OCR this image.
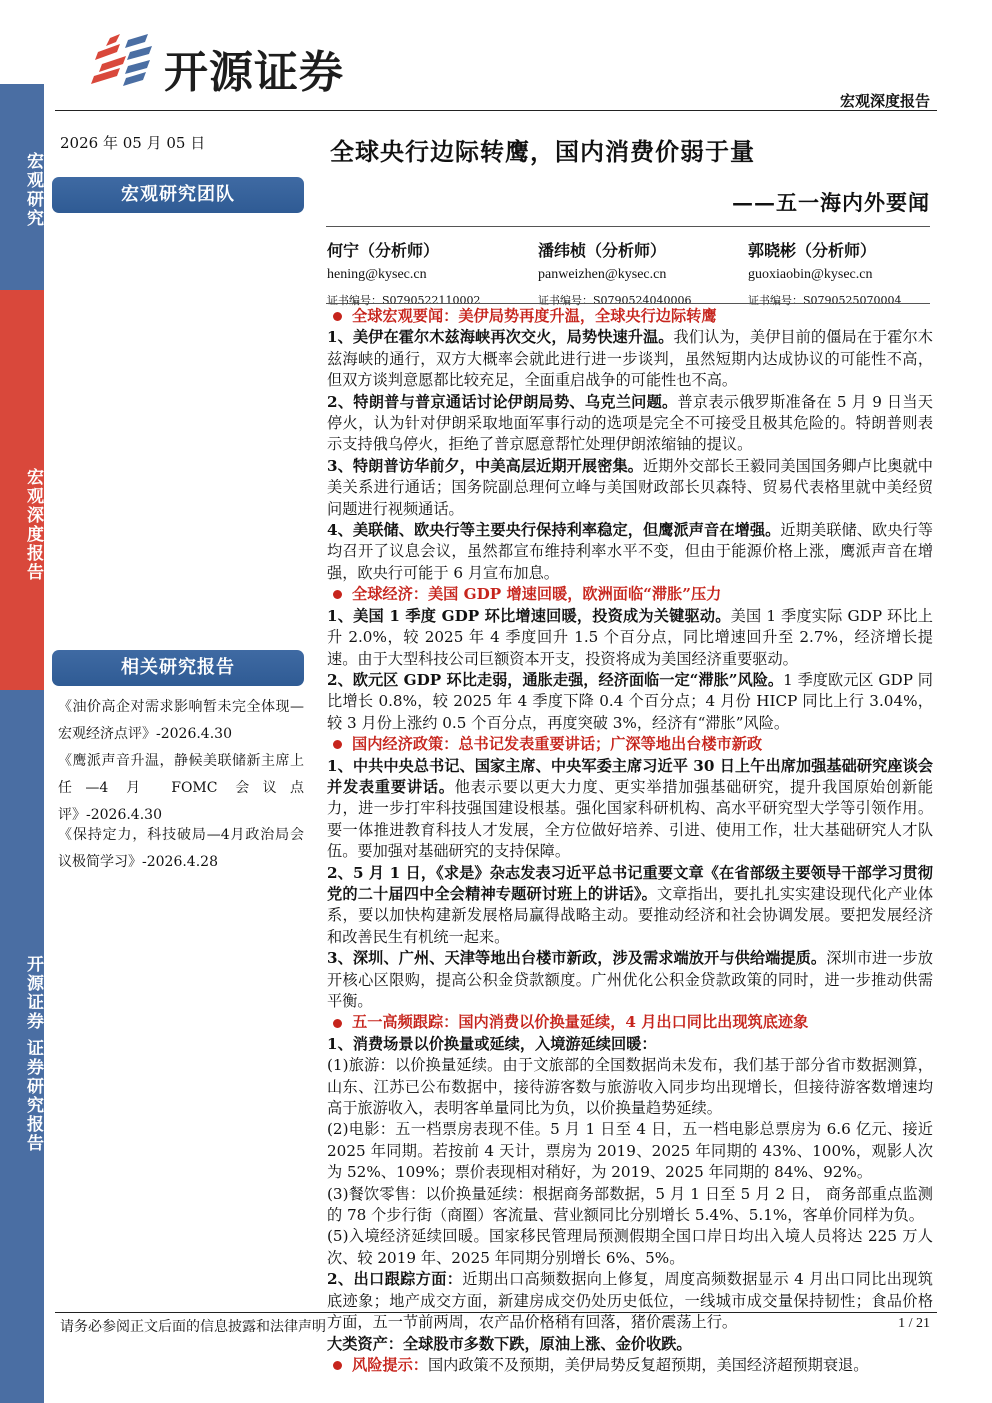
宏观研究
宏观深度报告
开源证券 证券研究报告
开源证券
宏观深度报告
2026 年 05 月 05 日	全球央行边际转鹰，国内消费价弱于量
——五一海内外要闻
宏观研究团队
何宁（分析师）
hening@kysec.cn
证书编号：S0790522110002
潘纬桢（分析师）
panweizhen@kysec.cn
证书编号：S0790524040006
郭晓彬（分析师）
guoxiaobin@kysec.cn
证书编号：S0790525070004
相关研究报告
《油价高企对需求影响暂未完全体现—宏观经济点评》-2026.4.30
《鹰派声音升温，静候美联储新主席上任—4 月 FOMC 会议点评》-2026.4.30
《保持定力，科技破局—4月政治局会议极简学习》-2026.4.28
全球宏观要闻：美伊局势再度升温，全球央行边际转鹰

1、美伊在霍尔木兹海峡再次交火，局势快速升温。我们认为，美伊目前的僵局在于霍尔木兹海峡的通行，双方大概率会就此进行进一步谈判，虽然短期内达成协议的可能性不高，但双方谈判意愿都比较充足，全面重启战争的可能性也不高。

2、特朗普与普京通话讨论伊朗局势、乌克兰问题。普京表示俄罗斯准备在 5 月 9 日当天停火，认为针对伊朗采取地面军事行动的选项是完全不可接受且极其危险的。特朗普则表示支持俄乌停火，拒绝了普京愿意帮忙处理伊朗浓缩铀的提议。

3、特朗普访华前夕，中美高层近期开展密集。近期外交部长王毅同美国国务卿卢比奥就中美关系进行通话；国务院副总理何立峰与美国财政部长贝森特、贸易代表格里就中美经贸问题进行视频通话。

4、美联储、欧央行等主要央行保持利率稳定，但鹰派声音在增强。近期美联储、欧央行等均召开了议息会议，虽然都宣布维持利率水平不变，但由于能源价格上涨，鹰派声音在增强，欧央行可能于 6 月宣布加息。

全球经济：美国 GDP 增速回暖，欧洲面临“滞胀”压力

1、美国 1 季度 GDP 环比增速回暖，投资成为关键驱动。美国 1 季度实际 GDP 环比上升 2.0%，较 2025 年 4 季度回升 1.5 个百分点，同比增速回升至 2.7%，经济增长提速。由于大型科技公司巨额资本开支，投资将成为美国经济重要驱动。

2、欧元区 GDP 环比走弱，通胀走强，经济面临一定“滞胀”风险。1 季度欧元区 GDP 同比增长 0.8%，较 2025 年 4 季度下降 0.4 个百分点；4 月份 HICP 同比上行 3.04%，较 3 月份上涨约 0.5 个百分点，再度突破 3%，经济有“滞胀”风险。

国内经济政策：总书记发表重要讲话；广深等地出台楼市新政

1、中共中央总书记、国家主席、中央军委主席习近平 30 日上午出席加强基础研究座谈会并发表重要讲话。他表示要以更大力度、更实举措加强基础研究，提升我国原始创新能力，进一步打牢科技强国建设根基。强化国家科研机构、高水平研究型大学等引领作用。要一体推进教育科技人才发展，全方位做好培养、引进、使用工作，壮大基础研究人才队伍。要加强对基础研究的支持保障。

2、5 月 1 日，《求是》杂志发表习近平总书记重要文章《在省部级主要领导干部学习贯彻党的二十届四中全会精神专题研讨班上的讲话》。文章指出，要扎扎实实建设现代化产业体系，要以加快构建新发展格局赢得战略主动。要推动经济和社会协调发展。要把发展经济和改善民生有机统一起来。

3、深圳、广州、天津等地出台楼市新政，涉及需求端放开与供给端提质。深圳市进一步放开核心区限购，提高公积金贷款额度。广州优化公积金贷款政策的同时，进一步推动供需平衡。

五一高频跟踪：国内消费以价换量延续，4 月出口同比出现筑底迹象

1、消费场景以价换量或延续，入境游延续回暖：

(1)旅游：以价换量延续。由于文旅部的全国数据尚未发布，我们基于部分省市数据测算，山东、江苏已公布数据中，接待游客数与旅游收入同步均出现增长，但接待游客数增速均高于旅游收入，表明客单量同比为负，以价换量趋势延续。

(2)电影：五一档票房表现不佳。5 月 1 日至 4 日，五一档电影总票房为 6.6 亿元、接近 2025 年同期。若按前 4 天计，票房为 2019、2025 年同期的 43%、100%，观影人次为 52%、109%；票价表现相对稍好，为 2019、2025 年同期的 84%、92%。

(3)餐饮零售：以价换量延续：根据商务部数据，5 月 1 日至 5 月 2 日， 商务部重点监测的 78 个步行街（商圈）客流量、营业额同比分别增长 5.4%、5.1%，客单价同样为负。

(5)入境经济延续回暖。国家移民管理局预测假期全国口岸日均出入境人员将达 225 万人次、较 2019 年、2025 年同期分别增长 6%、5%。

2、出口跟踪方面：近期出口高频数据向上修复，周度高频数据显示 4 月出口同比出现筑底迹象；地产成交方面，新建房成交仍处历史低位，一线城市成交量保持韧性；食品价格方面，五一节前两周，农产品价格稍有回落，猪价震荡上行。

大类资产：全球股市多数下跌，原油上涨、金价收跌。

风险提示：国内政策不及预期，美伊局势反复超预期，美国经济超预期衰退。
请务必参阅正文后面的信息披露和法律声明	1 / 21
